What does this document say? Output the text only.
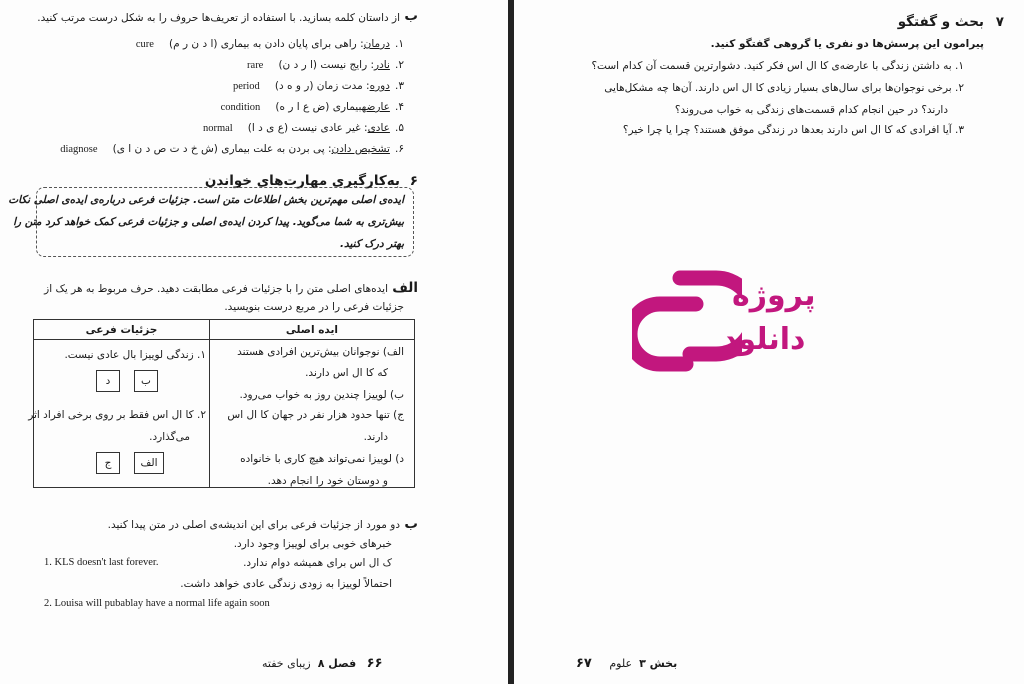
ب
از داستان کلمه بسازید. با استفاده از تعریف‌ها حروف را به شکل درست مرتب کنید.
۱. درمان: راهی برای پایان دادن به بیماری (ا د ن ر م) cure
۲. نادر: رایج نیست (ا ر د ن) rare
۳. دوره: مدت زمان (ر و ه د) period
۴. عارضهبیماری (ض ع ا ر ه) condition
۵. عادی: غیر عادی نیست (ع ی د ا) normal
۶. تشخیص دادن: پی بردن به علت بیماری (ش خ د ت ص د ن ا ی) diagnose
۶
به‌کارگیری مهارت‌های خواندن
ایده‌ی اصلی مهم‌ترین بخش اطلاعات متن است. جزئیات فرعی درباره‌ی ایده‌ی اصلی نکات
بیش‌تری به شما می‌گوید. پیدا کردن ایده‌ی اصلی و جزئیات فرعی کمک خواهد کرد متن را
بهتر درک کنید.
الف
ایده‌های اصلی متن را با جزئیات فرعی مطابقت دهید. حرف مربوط به هر یک از
جزئیات فرعی را در مربع درست بنویسید.
جزئیات فرعی	ایده اصلی

الف) نوجوانان بیش‌ترین افرادی هستند
که کا ال اس دارند.
ب) لوییزا چندین روز به خواب می‌رود.
ج) تنها حدود هزار نفر در جهان کا ال اس
دارند.
د) لوییزا نمی‌تواند هیچ کاری با خانواده
و دوستان خود را انجام دهد.
۱. زندگی لوییزا بال عادی نیست.
ب
د
۲. کا ال اس فقط بر روی برخی افراد اثر
می‌گذارد.
الف
ج
ب
دو مورد از جزئیات فرعی برای این اندیشه‌ی اصلی در متن پیدا کنید.
خبرهای خوبی برای لوییزا وجود دارد.
1. KLS doesn't last forever.	ک ال اس برای همیشه دوام ندارد.
احتمالاً لوییزا به زودی زندگی عادی خواهد داشت.
2. Louisa will pubablay have a normal life again soon
۶۶   فصل ۸  زیبای خفته
۷
بحث و گفتگو
پیرامون این پرسش‌ها دو نفری یا گروهی گفتگو کنید.
۱. به داشتن زندگی با عارضه‌ی کا ال اس فکر کنید. دشوارترین قسمت آن کدام است؟
۲. برخی نوجوان‌ها برای سال‌های بسیار زیادی کا ال اس دارند. آن‌ها چه مشکل‌هایی
دارند؟ در حین انجام کدام قسمت‌های زندگی به خواب می‌روند؟
۳. آیا افرادی که کا ال اس دارند بعدها در زندگی موفق هستند؟ چرا یا چرا خیر؟
پروژه
دانلود
بخش ۳  علوم     ۶۷
